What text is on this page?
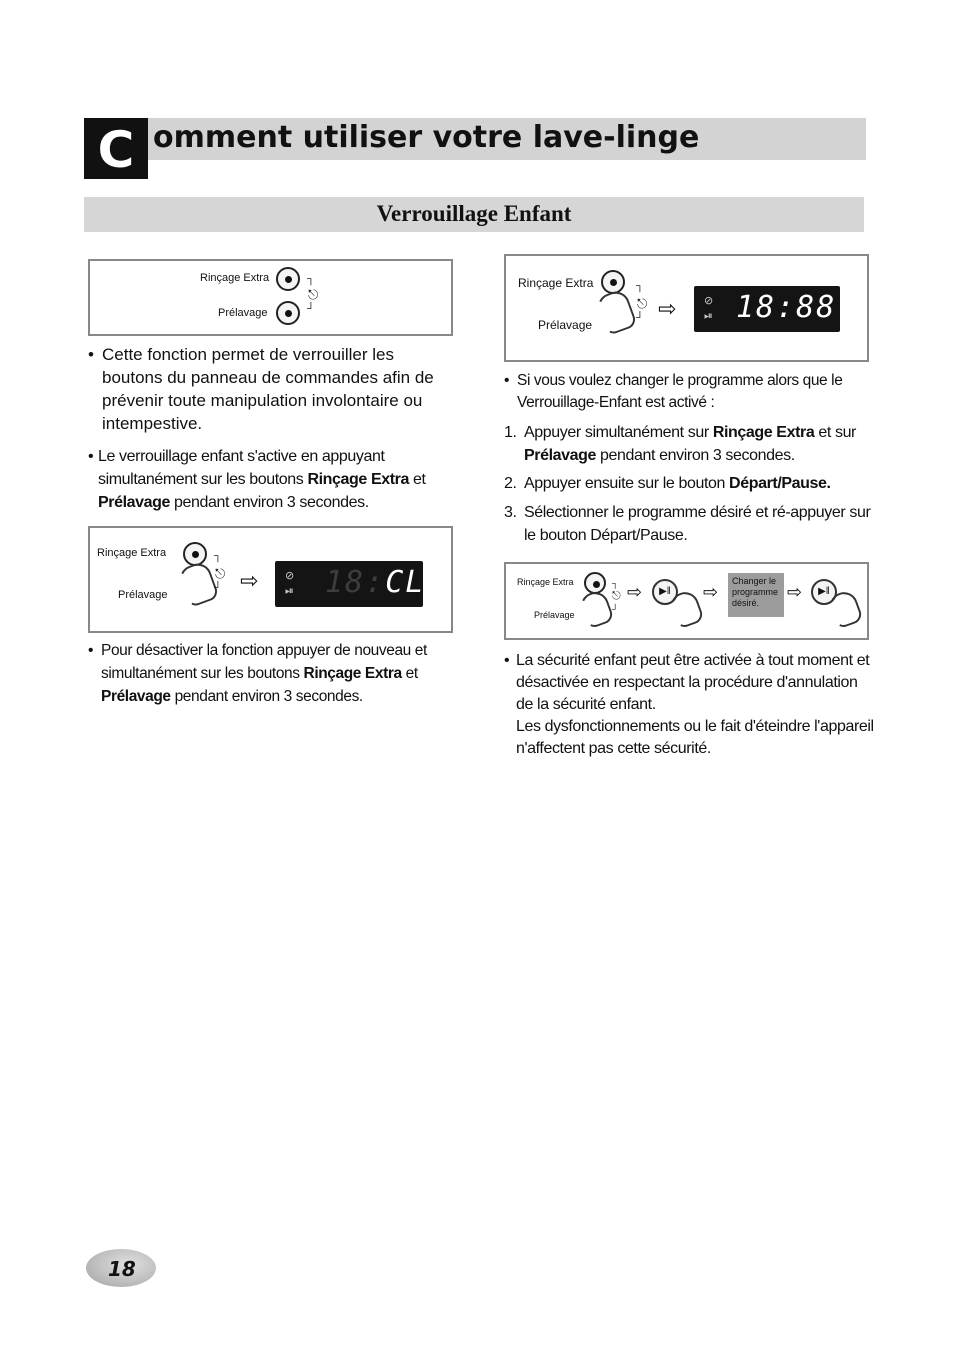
C omment utiliser votre lave-linge
Verrouillage Enfant
Rinçage Extra	┐
⎋
Prélavage	┘
• Cette fonction permet de verrouiller les boutons du panneau de commandes afin de prévenir toute manipulation involontaire ou intempestive.

• Le verrouillage enfant s'active en appuyant simultanément sur les boutons Rinçage Extra et Prélavage pendant environ 3 secondes.

Rinçage Extra	┐
⎋
Prélavage
┘ ⇨ ⊘
⏯ 18:CL
• Pour désactiver la fonction appuyer de nouveau et simultanément sur les boutons Rinçage Extra et Prélavage pendant environ 3 secondes.

Rinçage Extra	┐
⎋
Prélavage	┘ ⇨	⊘
⏯ 18:88
• Si vous voulez changer le programme alors que le Verrouillage-Enfant est activé :

1. Appuyer simultanément sur Rinçage Extra et sur Prélavage pendant environ 3 secondes.

2. Appuyer ensuite sur le bouton Départ/Pause.

3. Sélectionner le programme désiré et ré-appuyer sur le bouton Départ/Pause.

Rinçage Extra	┐
⎋
Prélavage
┘
⇨	▶‖	⇨
Changer le programme désiré.
⇨	▶‖
• La sécurité enfant peut être activée à tout moment et désactivée en respectant la procédure d'annulation de la sécurité enfant.

Les dysfonctionnements ou le fait d'éteindre l'appareil n'affectent pas cette sécurité.

18
